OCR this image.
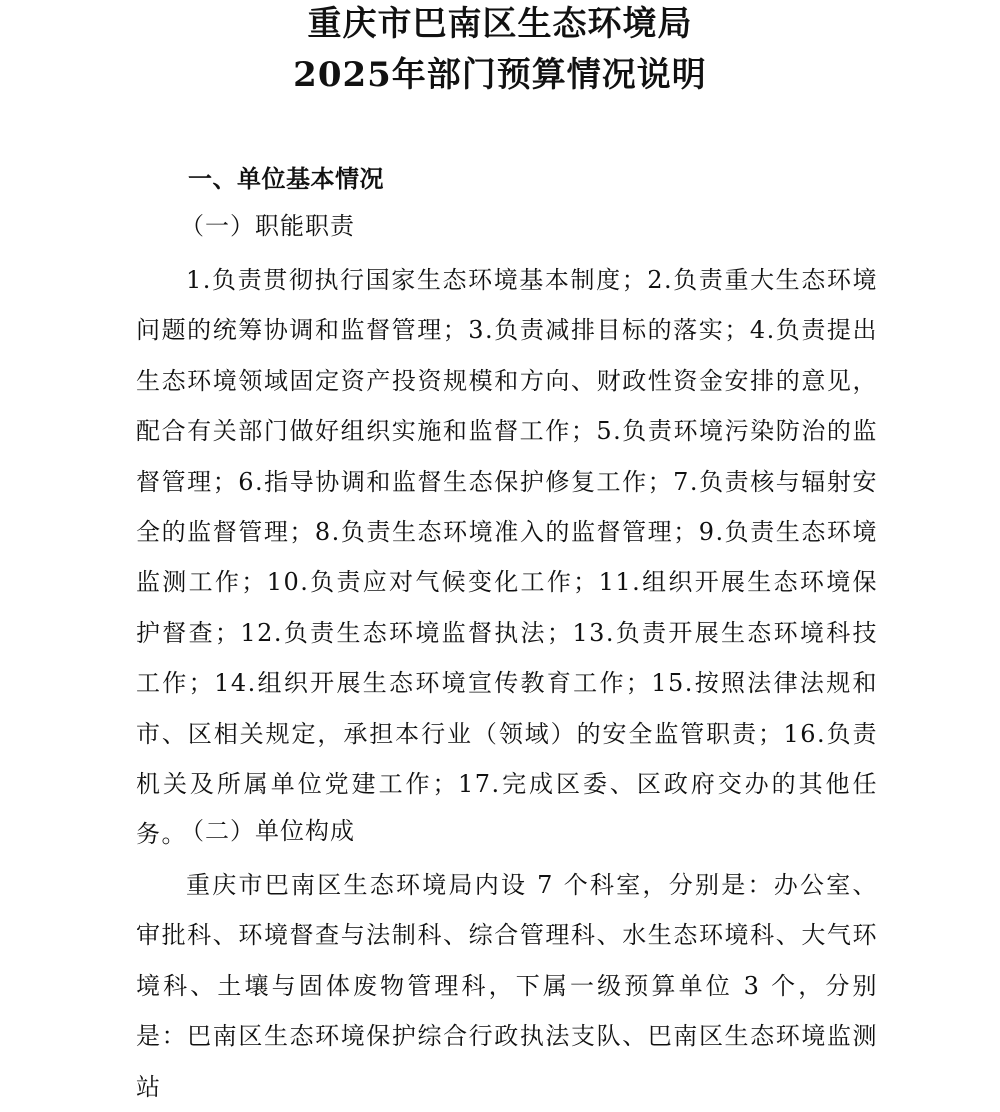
重庆市巴南区生态环境局
2025年部门预算情况说明
一、单位基本情况
（一）职能职责

1.负责贯彻执行国家生态环境基本制度；2.负责重大生态环境问题的统筹协调和监督管理；3.负责减排目标的落实；4.负责提出生态环境领域固定资产投资规模和方向、财政性资金安排的意见，配合有关部门做好组织实施和监督工作；5.负责环境污染防治的监督管理；6.指导协调和监督生态保护修复工作；7.负责核与辐射安全的监督管理；8.负责生态环境准入的监督管理；9.负责生态环境监测工作；10.负责应对气候变化工作；11.组织开展生态环境保护督查；12.负责生态环境监督执法；13.负责开展生态环境科技工作；14.组织开展生态环境宣传教育工作；15.按照法律法规和市、区相关规定，承担本行业（领域）的安全监管职责；16.负责机关及所属单位党建工作；17.完成区委、区政府交办的其他任务。

（二）单位构成

重庆市巴南区生态环境局内设 7 个科室，分别是：办公室、审批科、环境督查与法制科、综合管理科、水生态环境科、大气环境科、土壤与固体废物管理科，下属一级预算单位 3 个，分别是：巴南区生态环境保护综合行政执法支队、巴南区生态环境监测站
